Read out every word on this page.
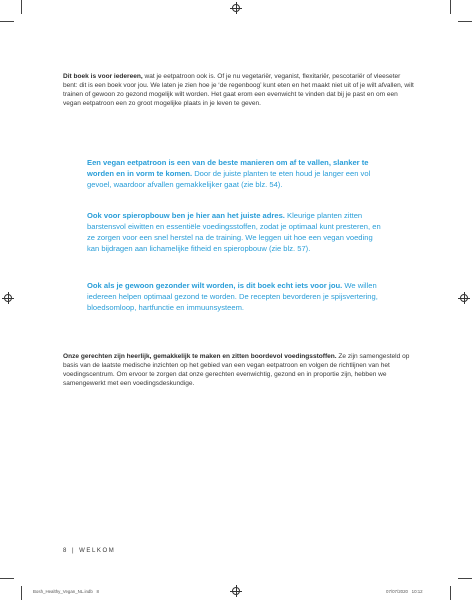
Dit boek is voor iedereen, wat je eetpatroon ook is. Of je nu vegetariër, veganist, flexitariër, pescotariër of vleeseter bent: dit is een boek voor jou. We laten je zien hoe je ‘de regenboog’ kunt eten en het maakt niet uit of je wilt afvallen, wilt trainen of gewoon zo gezond mogelijk wilt worden. Het gaat erom een evenwicht te vinden dat bij je past en om een vegan eetpatroon een zo groot mogelijke plaats in je leven te geven.

Een vegan eetpatroon is een van de beste manieren om af te vallen, slanker te worden en in vorm te komen. Door de juiste planten te eten houd je langer een vol gevoel, waardoor afvallen gemakkelijker gaat (zie blz. 54).

Ook voor spieropbouw ben je hier aan het juiste adres. Kleurige planten zitten barstensvol eiwitten en essentiële voedingsstoffen, zodat je optimaal kunt presteren, en ze zorgen voor een snel herstel na de training. We leggen uit hoe een vegan voeding kan bijdragen aan lichamelijke fitheid en spieropbouw (zie blz. 57).

Ook als je gewoon gezonder wilt worden, is dit boek echt iets voor jou. We willen iedereen helpen optimaal gezond te worden. De recepten bevorderen je spijsvertering, bloedsomloop, hartfunctie en immuunsysteem.

Onze gerechten zijn heerlijk, gemakkelijk te maken en zitten boordevol voedingsstoffen. Ze zijn samengesteld op basis van de laatste medische inzichten op het gebied van een vegan eetpatroon en volgen de richtlijnen van het voedingscentrum. Om ervoor te zorgen dat onze gerechten evenwichtig, gezond en in proportie zijn, hebben we samengewerkt met een voedingsdeskundige.

8 | WELKOM
Bosh_Healthy_Vegan_NL.indb   8	07/07/2020   10:12
